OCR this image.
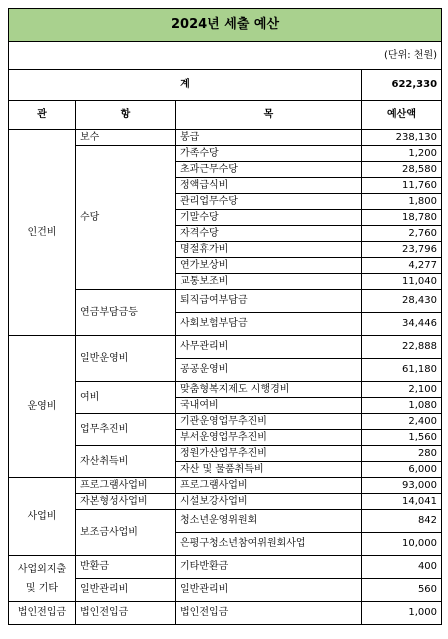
2024년 세출 예산			
(단위: 천원)			
계			622,330
관	항	목	예산액
인건비	보수	봉급	238,130
	수당	가족수당	1,200
		초과근무수당	28,580
		정액급식비	11,760
		관리업무수당	1,800
		기말수당	18,780
		자격수당	2,760
		명절휴가비	23,796
		연가보상비	4,277
		교통보조비	11,040
	연금부담금등	퇴직급여부담금	28,430
		사회보험부담금	34,446
운영비	일반운영비	사무관리비	22,888
		공공운영비	61,180
	여비	맞춤형복지제도 시행경비	2,100
		국내여비	1,080
	업무추진비	기관운영업무추진비	2,400
		부서운영업무추진비	1,560
	자산취득비	정원가산업무추진비	280
		자산 및 물품취득비	6,000
사업비	프로그램사업비	프로그램사업비	93,000
	자본형성사업비	시설보강사업비	14,041
	보조금사업비	청소년운영위원회	842
		은평구청소년참여위원회사업	10,000
사업외지출 및 기타	반환금	기타반환금	400
	일반관리비	일반관리비	560
법인전입금	법인전입금	법인전입금	1,000
